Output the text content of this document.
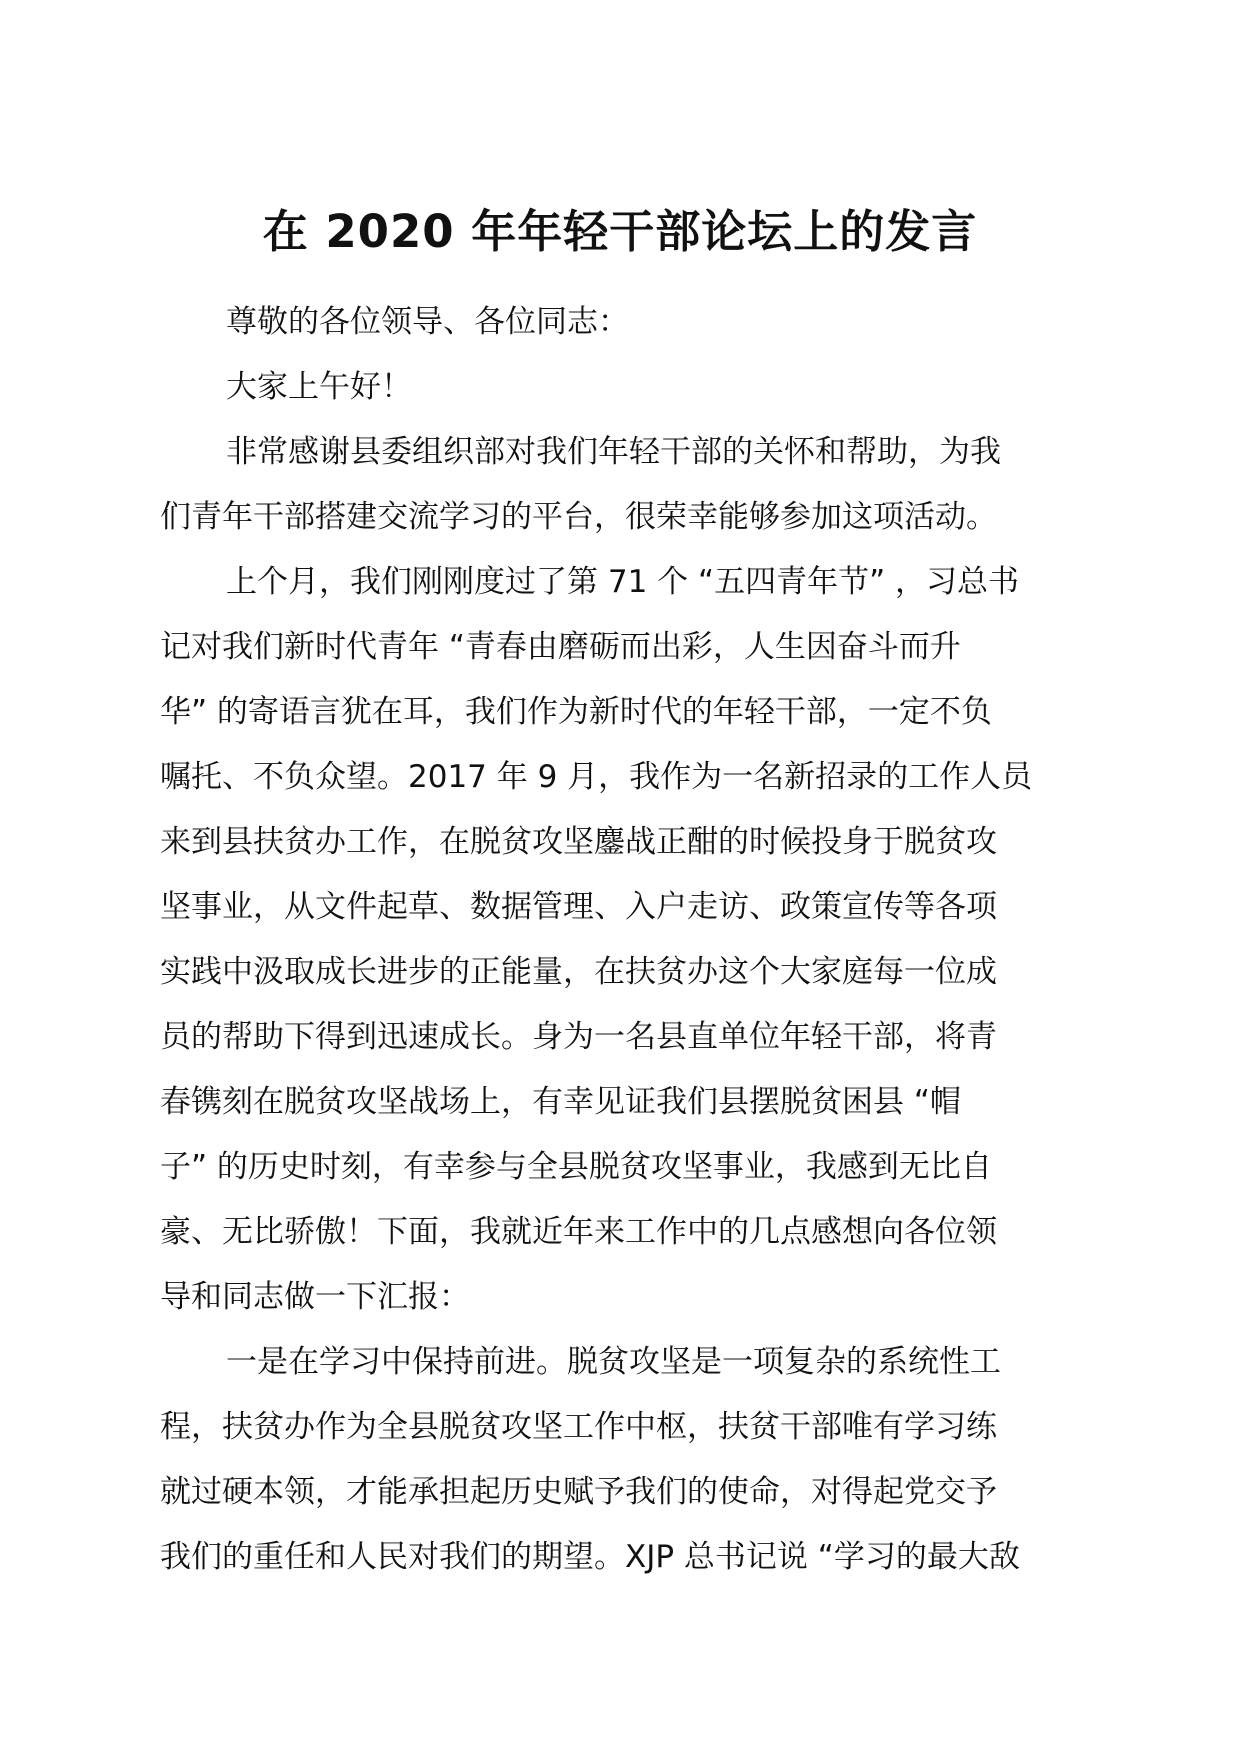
在 2020 年年轻干部论坛上的发言
尊敬的各位领导、各位同志：
大家上午好！
非常感谢县委组织部对我们年轻干部的关怀和帮助，为我
们青年干部搭建交流学习的平台，很荣幸能够参加这项活动。
上个月，我们刚刚度过了第 71 个 “五四青年节” ，习总书
记对我们新时代青年 “青春由磨砺而出彩，人生因奋斗而升
华” 的寄语言犹在耳，我们作为新时代的年轻干部，一定不负
嘱托、不负众望。2017 年 9 月，我作为一名新招录的工作人员
来到县扶贫办工作，在脱贫攻坚鏖战正酣的时候投身于脱贫攻
坚事业，从文件起草、数据管理、入户走访、政策宣传等各项
实践中汲取成长进步的正能量，在扶贫办这个大家庭每一位成
员的帮助下得到迅速成长。身为一名县直单位年轻干部，将青
春镌刻在脱贫攻坚战场上，有幸见证我们县摆脱贫困县 “帽
子” 的历史时刻，有幸参与全县脱贫攻坚事业，我感到无比自
豪、无比骄傲！下面，我就近年来工作中的几点感想向各位领
导和同志做一下汇报：
一是在学习中保持前进。脱贫攻坚是一项复杂的系统性工
程，扶贫办作为全县脱贫攻坚工作中枢，扶贫干部唯有学习练
就过硬本领，才能承担起历史赋予我们的使命，对得起党交予
我们的重任和人民对我们的期望。XJP 总书记说 “学习的最大敌
